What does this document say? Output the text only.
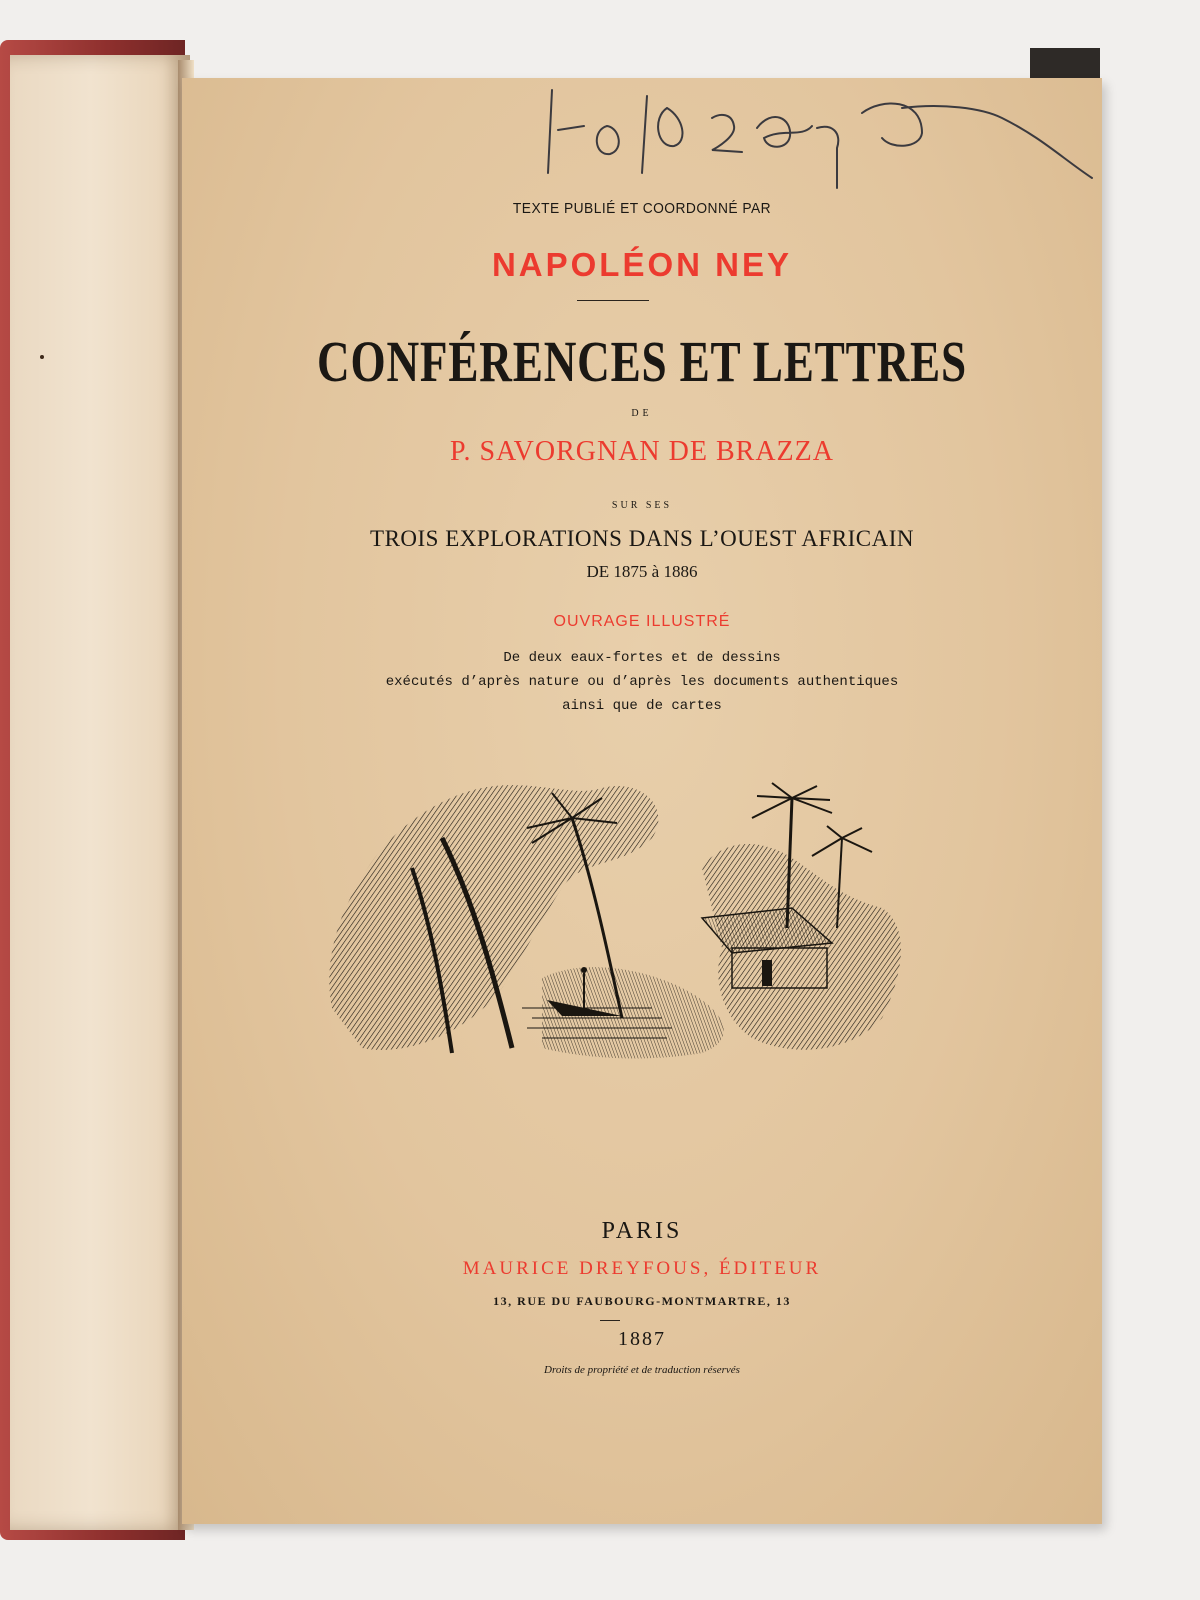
TEXTE PUBLIÉ ET COORDONNÉ PAR
NAPOLÉON NEY
CONFÉRENCES ET LETTRES
DE
P. SAVORGNAN DE BRAZZA
SUR SES
TROIS EXPLORATIONS DANS L’OUEST AFRICAIN
DE 1875 à 1886
OUVRAGE ILLUSTRÉ
De deux eaux-fortes et de dessins
exécutés d’après nature ou d’après les documents authentiques
ainsi que de cartes
PARIS
MAURICE DREYFOUS, ÉDITEUR
13, RUE DU FAUBOURG-MONTMARTRE, 13
1887
Droits de propriété et de traduction réservés
